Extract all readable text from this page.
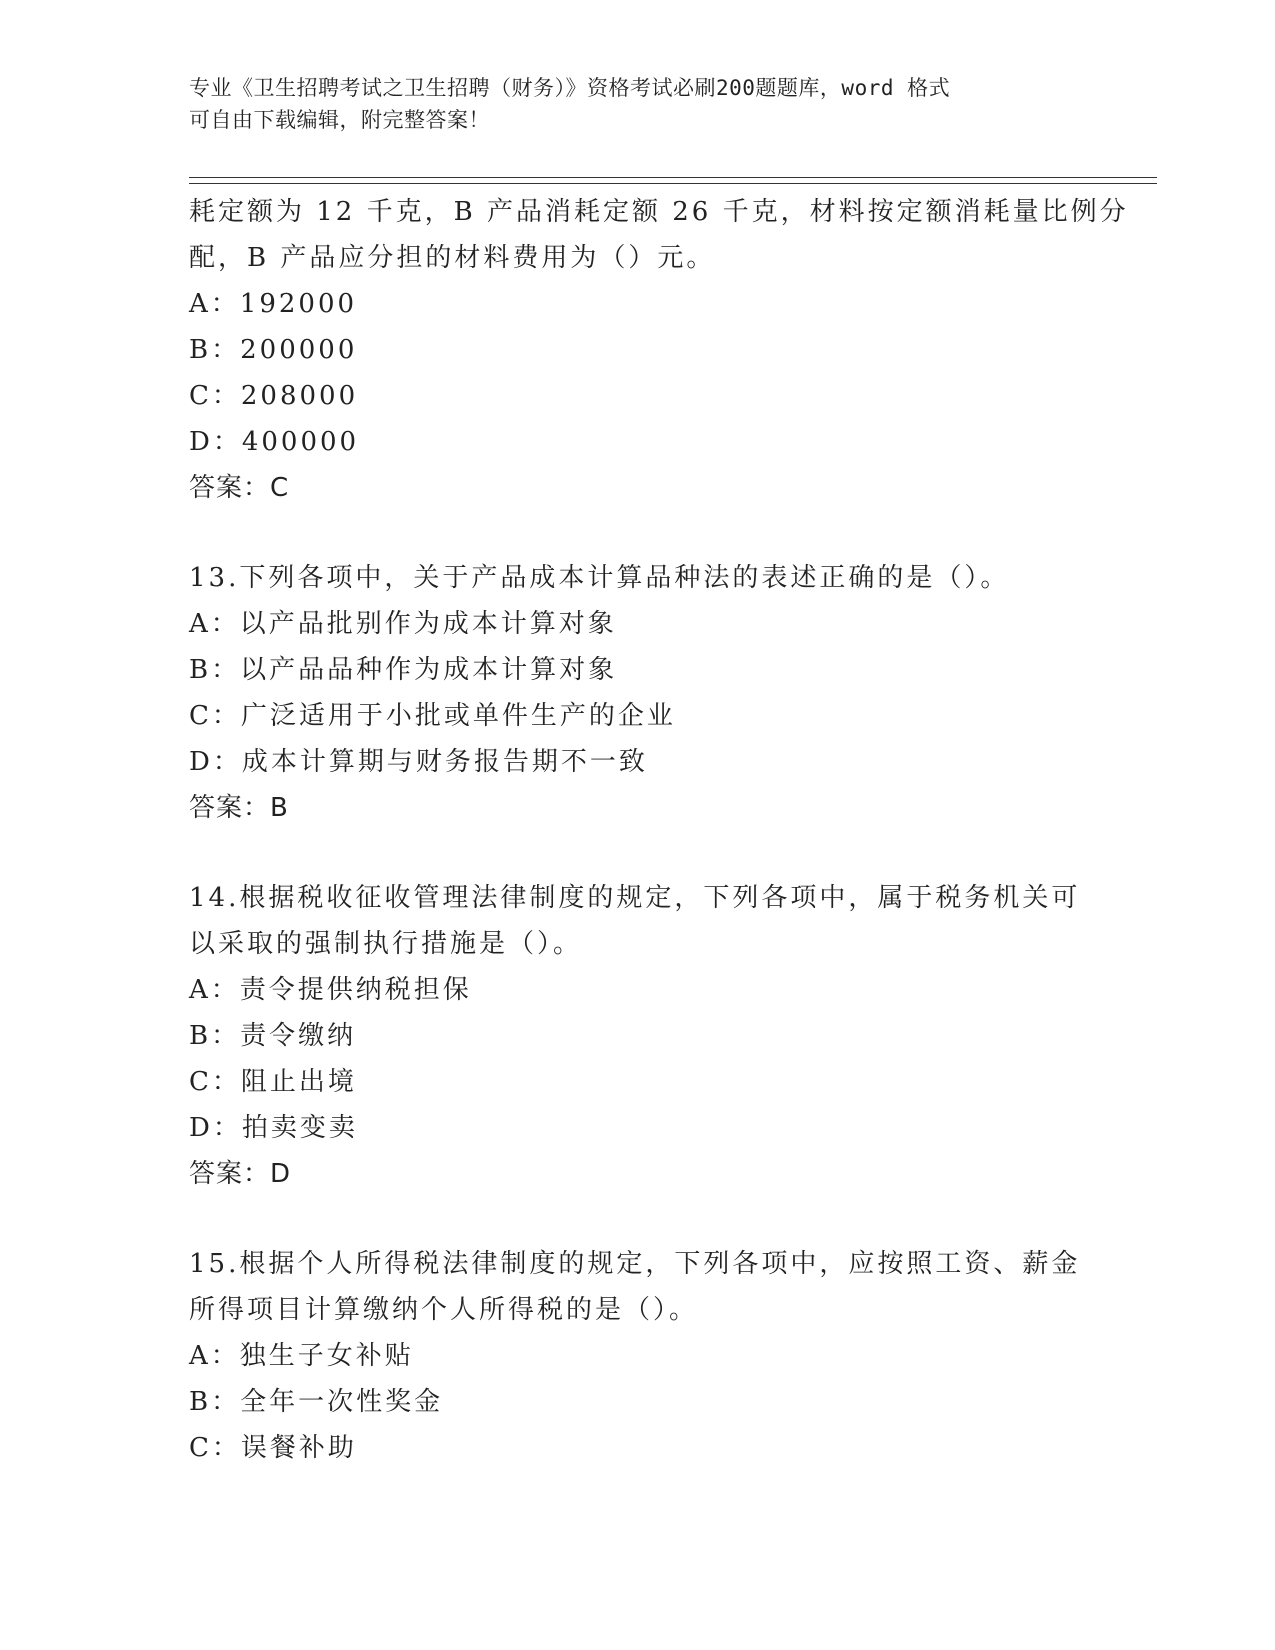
专业《卫生招聘考试之卫生招聘（财务）》资格考试必刷200题题库，word 格式
可自由下载编辑，附完整答案！
耗定额为 12 千克，B 产品消耗定额 26 千克，材料按定额消耗量比例分
配，B 产品应分担的材料费用为（）元。
A：192000
B：200000
C：208000
D：400000
答案：C
13.下列各项中，关于产品成本计算品种法的表述正确的是（）。
A：以产品批别作为成本计算对象
B：以产品品种作为成本计算对象
C：广泛适用于小批或单件生产的企业
D：成本计算期与财务报告期不一致
答案：B
14.根据税收征收管理法律制度的规定，下列各项中，属于税务机关可
以采取的强制执行措施是（）。
A：责令提供纳税担保
B：责令缴纳
C：阻止出境
D：拍卖变卖
答案：D
15.根据个人所得税法律制度的规定，下列各项中，应按照工资、薪金
所得项目计算缴纳个人所得税的是（）。
A：独生子女补贴
B：全年一次性奖金
C：误餐补助
